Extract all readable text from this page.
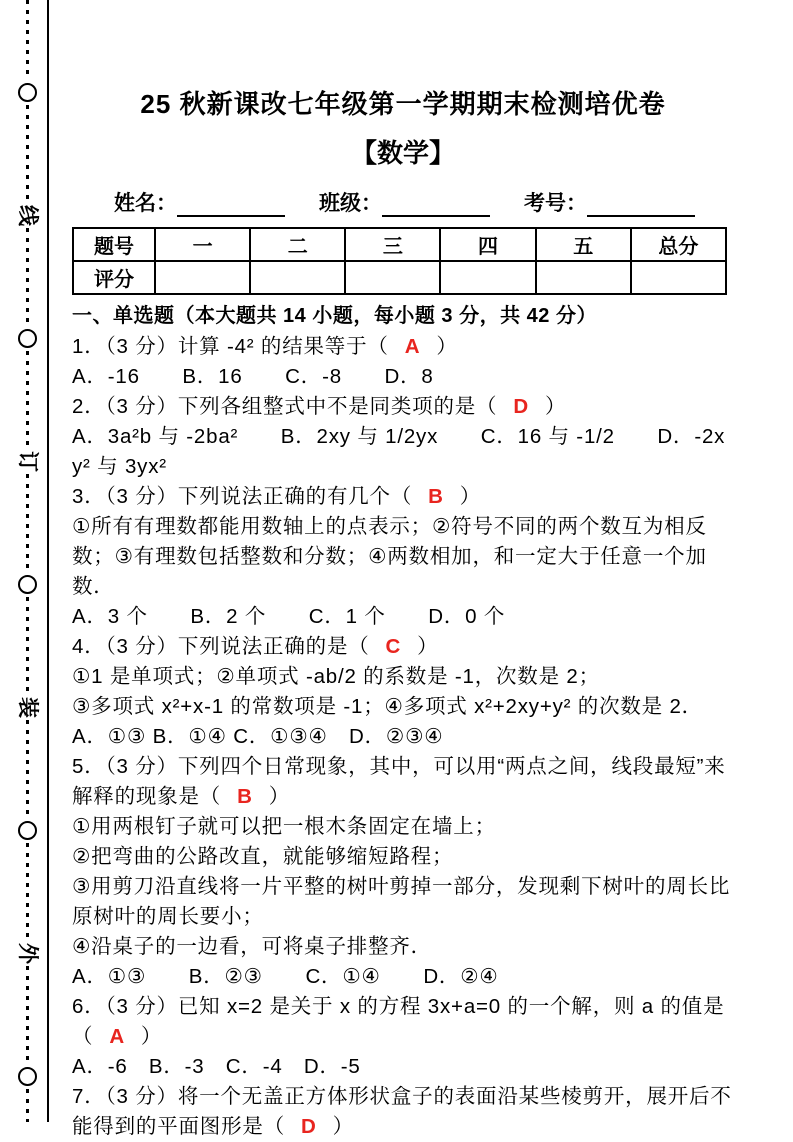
线
订
装
外
25 秋新课改七年级第一学期期末检测培优卷
【数学】
姓名：	班级：	考号：
题号	一	二	三	四	五	总分
评分						
一、单选题（本大题共 14 小题，每小题 3 分，共 42 分）

1．（3 分）计算 -4² 的结果等于（ A ）

A．-16　　B．16　　C．-8　　D．8

2．（3 分）下列各组整式中不是同类项的是（ D ）

A．3a²b 与 -2ba²　　B．2xy 与 1/2yx　　C．16 与 -1/2　　D．-2xy² 与 3yx²

3．（3 分）下列说法正确的有几个（ B ）

①所有有理数都能用数轴上的点表示；②符号不同的两个数互为相反数；③有理数包括整数和分数；④两数相加，和一定大于任意一个加数．

A．3 个　　B．2 个　　C．1 个　　D．0 个

4．（3 分）下列说法正确的是（ C ）

①1 是单项式；②单项式 -ab/2 的系数是 -1，次数是 2；

③多项式 x²+x-1 的常数项是 -1；④多项式 x²+2xy+y² 的次数是 2．

A．①③ B．①④ C．①③④　D．②③④

5．（3 分）下列四个日常现象，其中，可以用“两点之间，线段最短”来解释的现象是（ B ）

①用两根钉子就可以把一根木条固定在墙上；

②把弯曲的公路改直，就能够缩短路程；

③用剪刀沿直线将一片平整的树叶剪掉一部分，发现剩下树叶的周长比原树叶的周长要小；

④沿桌子的一边看，可将桌子排整齐．

A．①③　　B．②③　　C．①④　　D．②④

6．（3 分）已知 x=2 是关于 x 的方程 3x+a=0 的一个解，则 a 的值是（ A ）

A．-6　B．-3　C．-4　D．-5

7．（3 分）将一个无盖正方体形状盒子的表面沿某些棱剪开，展开后不能得到的平面图形是（ D ）
